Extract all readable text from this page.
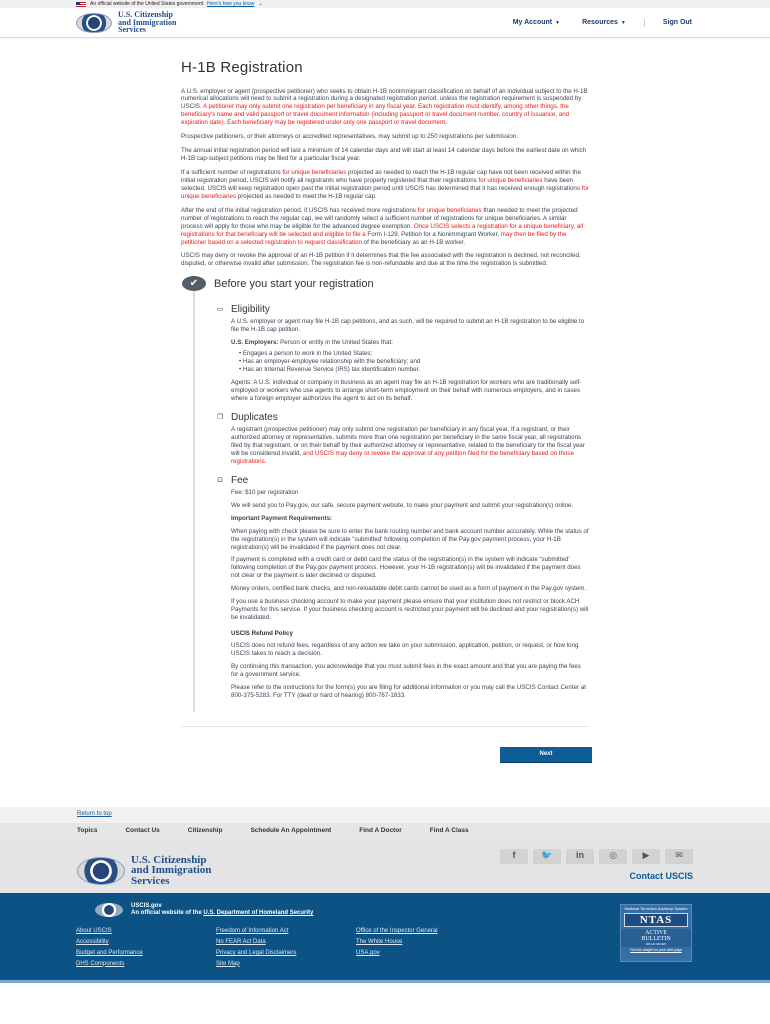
An official website of the United States government Here's how you know ⌄
U.S. Citizenship
and Immigration
Services
My Account ▼	Resources ▼	Sign Out
H-1B Registration

A U.S. employer or agent (prospective petitioner) who seeks to obtain H-1B nonimmigrant classification on behalf of an individual subject to the H-1B numerical allocations will need to submit a registration during a designated registration period, unless the registration requirement is suspended by USCIS. A petitioner may only submit one registration per beneficiary in any fiscal year. Each registration must identify, among other things, the beneficiary's name and valid passport or travel document information (including passport or travel document number, country of issuance, and expiration date). Each beneficiary may be registered under only one passport or travel document.

Prospective petitioners, or their attorneys or accredited representatives, may submit up to 250 registrations per submission.

The annual initial registration period will last a minimum of 14 calendar days and will start at least 14 calendar days before the earliest date on which H-1B cap-subject petitions may be filed for a particular fiscal year.

If a sufficient number of registrations for unique beneficiaries projected as needed to reach the H-1B regular cap have not been received within the initial registration period, USCIS will notify all registrants who have properly registered that their registrations for unique beneficiaries have been selected. USCIS will keep registration open past the initial registration period until USCIS has determined that it has received enough registrations for unique beneficiaries projected as needed to meet the H-1B regular cap.

After the end of the initial registration period, if USCIS has received more registrations for unique beneficiaries than needed to meet the projected number of registrations to reach the regular cap, we will randomly select a sufficient number of registrations for unique beneficiaries. A similar process will apply for those who may be eligible for the advanced degree exemption. Once USCIS selects a registration for a unique beneficiary, all registrations for that beneficiary will be selected and eligible to file a Form I-129, Petition for a Nonimmigrant Worker, may then be filed by the petitioner based on a selected registration to request classification of the beneficiary as an H-1B worker.

USCIS may deny or revoke the approval of an H-1B petition if it determines that the fee associated with the registration is declined, not reconciled, disputed, or otherwise invalid after submission. The registration fee is non-refundable and due at the time the registration is submitted.

✔	Before you start your registration
▭ Eligibility

A U.S. employer or agent may file H-1B cap petitions, and as such, will be required to submit an H-1B registration to be eligible to file the H-1B cap petition.

U.S. Employers: Person or entity in the United States that:

• Engages a person to work in the United States;
• Has an employer-employee relationship with the beneficiary; and
• Has an Internal Revenue Service (IRS) tax identification number.

Agents: A U.S. individual or company in business as an agent may file an H-1B registration for workers who are traditionally self-employed or workers who use agents to arrange short-term employment on their behalf with numerous employers, and in cases where a foreign employer authorizes the agent to act on its behalf.

❐ Duplicates

A registrant (prospective petitioner) may only submit one registration per beneficiary in any fiscal year. If a registrant, or their authorized attorney or representative, submits more than one registration per beneficiary in the same fiscal year, all registrations filed by that registrant, or on their behalf by their authorized attorney or representative, related to the beneficiary for the fiscal year will be considered invalid, and USCIS may deny or revoke the approval of any petition filed for the beneficiary based on those registrations.

⊡ Fee

Fee: $10 per registration

We will send you to Pay.gov, our safe, secure payment website, to make your payment and submit your registration(s) online.

Important Payment Requirements:

When paying with check please be sure to enter the bank routing number and bank account number accurately. While the status of the registration(s) in the system will indicate “submitted' following completion of the Pay.gov payment process, your H-1B registration(s) will be invalidated if the payment does not clear.

If payment is completed with a credit card or debit card the status of the registration(s) in the system will indicate “submitted' following completion of the Pay.gov payment process. However, your H-1B registration(s) will be invalidated if the payment does not clear or the payment is later declined or disputed.

Money orders, certified bank checks, and non-reloadable debit cards cannot be used as a form of payment in the Pay.gov system.

If you use a business checking account to make your payment please ensure that your institution does not restrict or block ACH Payments for this service. If your business checking account is restricted your payment will be declined and your registration(s) will be invalidated.

USCIS Refund Policy

USCIS does not refund fees, regardless of any action we take on your submission, application, petition, or request, or how long USCIS takes to reach a decision.

By continuing this transaction, you acknowledge that you must submit fees in the exact amount and that you are paying the fees for a government service.

Please refer to the instructions for the form(s) you are filing for additional information or you may call the USCIS Contact Center at 800-375-5283. For TTY (deaf or hard of hearing) 800-767-1833.

Next
Return to top
Topics	Contact Us	Citizenship	Schedule An Appointment	Find A Doctor	Find A Class
U.S. Citizenship
and Immigration
Services
f	🐦	in	◎	▶	✉
Contact USCIS
USCIS.gov
An official website of the U.S. Department of Homeland Security
About USCIS	Freedom of Information Act	Office of the Inspector General
Accessibility	No FEAR Act Data	The White House
Budget and Performance	Privacy and Legal Disclaimers	USA.gov
DHS Components	Site Map
National Terrorism Advisory System
NTAS
ACTIVE
BULLETIN
READ MORE
Put this widget on your web page
